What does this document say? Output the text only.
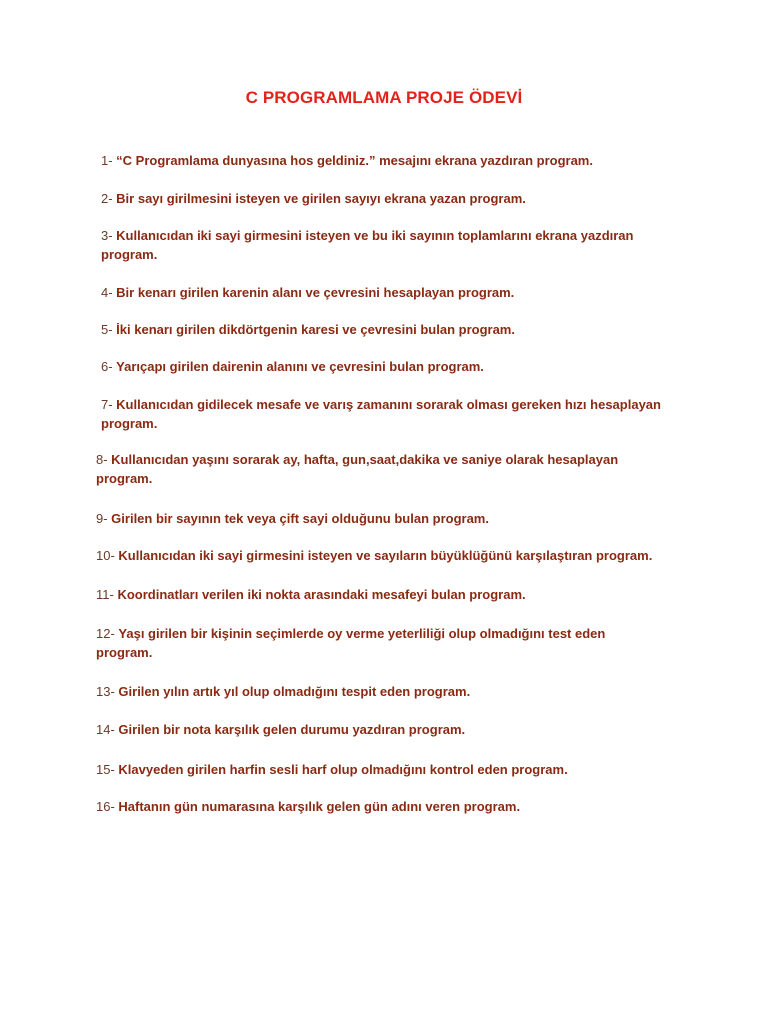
C PROGRAMLAMA PROJE ÖDEVİ
1- “C Programlama dunyasına hos geldiniz.” mesajını ekrana yazdıran program.
2- Bir sayı girilmesini isteyen ve girilen sayıyı ekrana yazan program.
3- Kullanıcıdan iki sayi girmesini isteyen ve bu iki sayının toplamlarını ekrana yazdıran program.
4- Bir kenarı girilen karenin alanı ve çevresini hesaplayan program.
5- İki kenarı girilen dikdörtgenin karesi ve çevresini bulan program.
6- Yarıçapı girilen dairenin alanını ve çevresini bulan program.
7- Kullanıcıdan gidilecek mesafe ve varış zamanını sorarak olması gereken hızı hesaplayan program.
8- Kullanıcıdan yaşını sorarak ay, hafta, gun,saat,dakika ve saniye olarak hesaplayan program.
9- Girilen bir sayının tek veya çift sayi olduğunu bulan program.
10- Kullanıcıdan iki sayi girmesini isteyen ve sayıların büyüklüğünü karşılaştıran program.
11- Koordinatları verilen iki nokta arasındaki mesafeyi bulan program.
12- Yaşı girilen bir kişinin seçimlerde oy verme yeterliliği olup olmadığını test eden program.
13- Girilen yılın artık yıl olup olmadığını tespit eden program.
14- Girilen bir nota karşılık gelen durumu yazdıran program.
15- Klavyeden girilen harfin sesli harf olup olmadığını kontrol eden program.
16- Haftanın gün numarasına karşılık gelen gün adını veren program.
